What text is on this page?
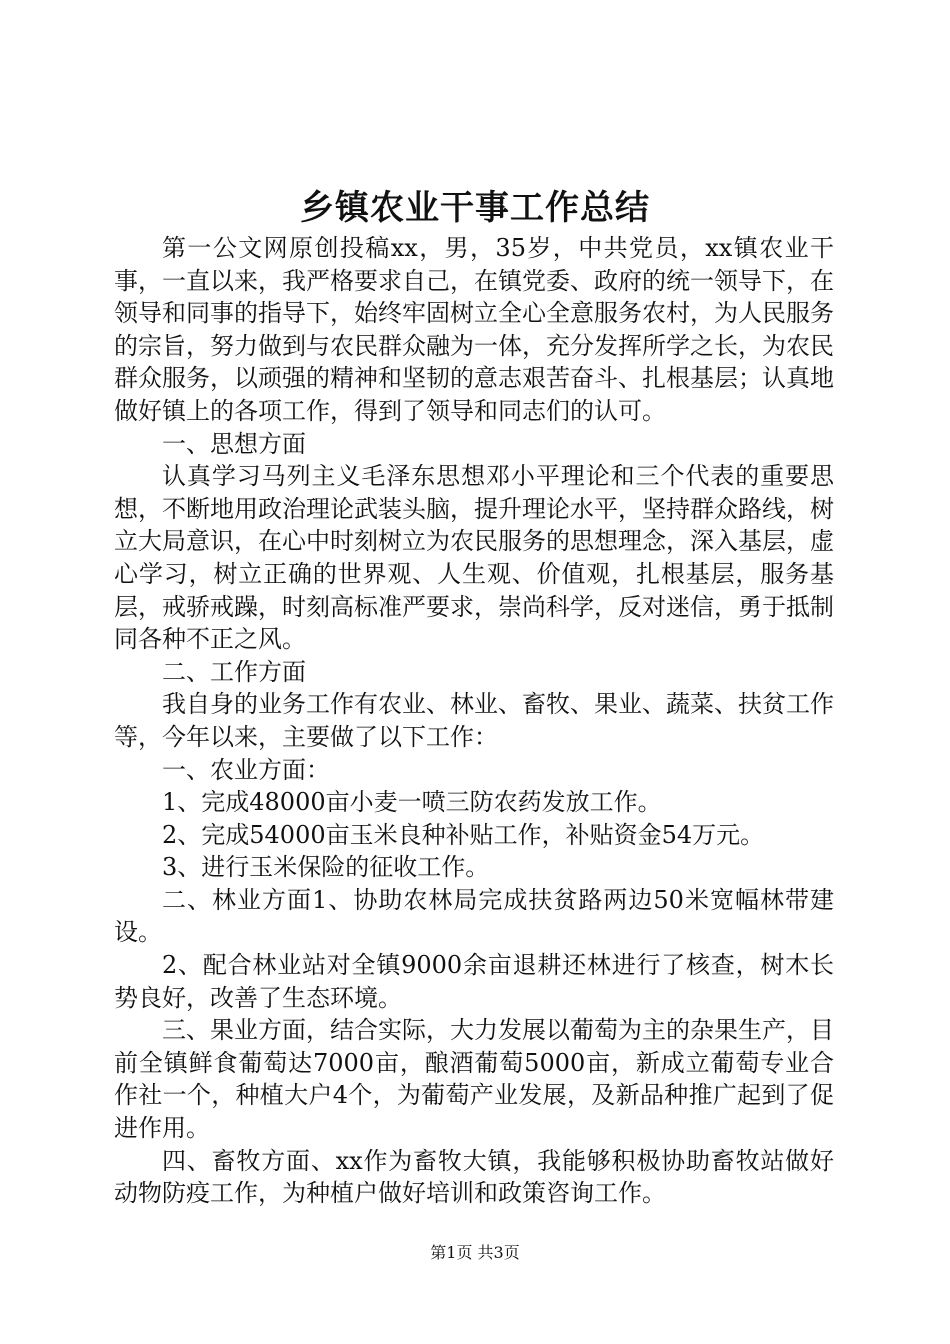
乡镇农业干事工作总结

第一公文网原创投稿xx，男，35岁，中共党员，xx镇农业干事，一直以来，我严格要求自己，在镇党委、政府的统一领导下，在领导和同事的指导下，始终牢固树立全心全意服务农村，为人民服务的宗旨，努力做到与农民群众融为一体，充分发挥所学之长，为农民群众服务，以顽强的精神和坚韧的意志艰苦奋斗、扎根基层；认真地做好镇上的各项工作，得到了领导和同志们的认可。

一、思想方面

认真学习马列主义毛泽东思想邓小平理论和三个代表的重要思想，不断地用政治理论武装头脑，提升理论水平，坚持群众路线，树立大局意识，在心中时刻树立为农民服务的思想理念，深入基层，虚心学习，树立正确的世界观、人生观、价值观，扎根基层，服务基层，戒骄戒躁，时刻高标准严要求，崇尚科学，反对迷信，勇于抵制同各种不正之风。

二、工作方面

我自身的业务工作有农业、林业、畜牧、果业、蔬菜、扶贫工作等，今年以来，主要做了以下工作：

一、农业方面：

1、完成48000亩小麦一喷三防农药发放工作。

2、完成54000亩玉米良种补贴工作，补贴资金54万元。

3、进行玉米保险的征收工作。

二、林业方面1、协助农林局完成扶贫路两边50米宽幅林带建设。

2、配合林业站对全镇9000余亩退耕还林进行了核查，树木长势良好，改善了生态环境。

三、果业方面，结合实际，大力发展以葡萄为主的杂果生产，目前全镇鲜食葡萄达7000亩，酿酒葡萄5000亩，新成立葡萄专业合作社一个，种植大户4个，为葡萄产业发展，及新品种推广起到了促进作用。

四、畜牧方面、xx作为畜牧大镇，我能够积极协助畜牧站做好动物防疫工作，为种植户做好培训和政策咨询工作。

第1页 共3页
